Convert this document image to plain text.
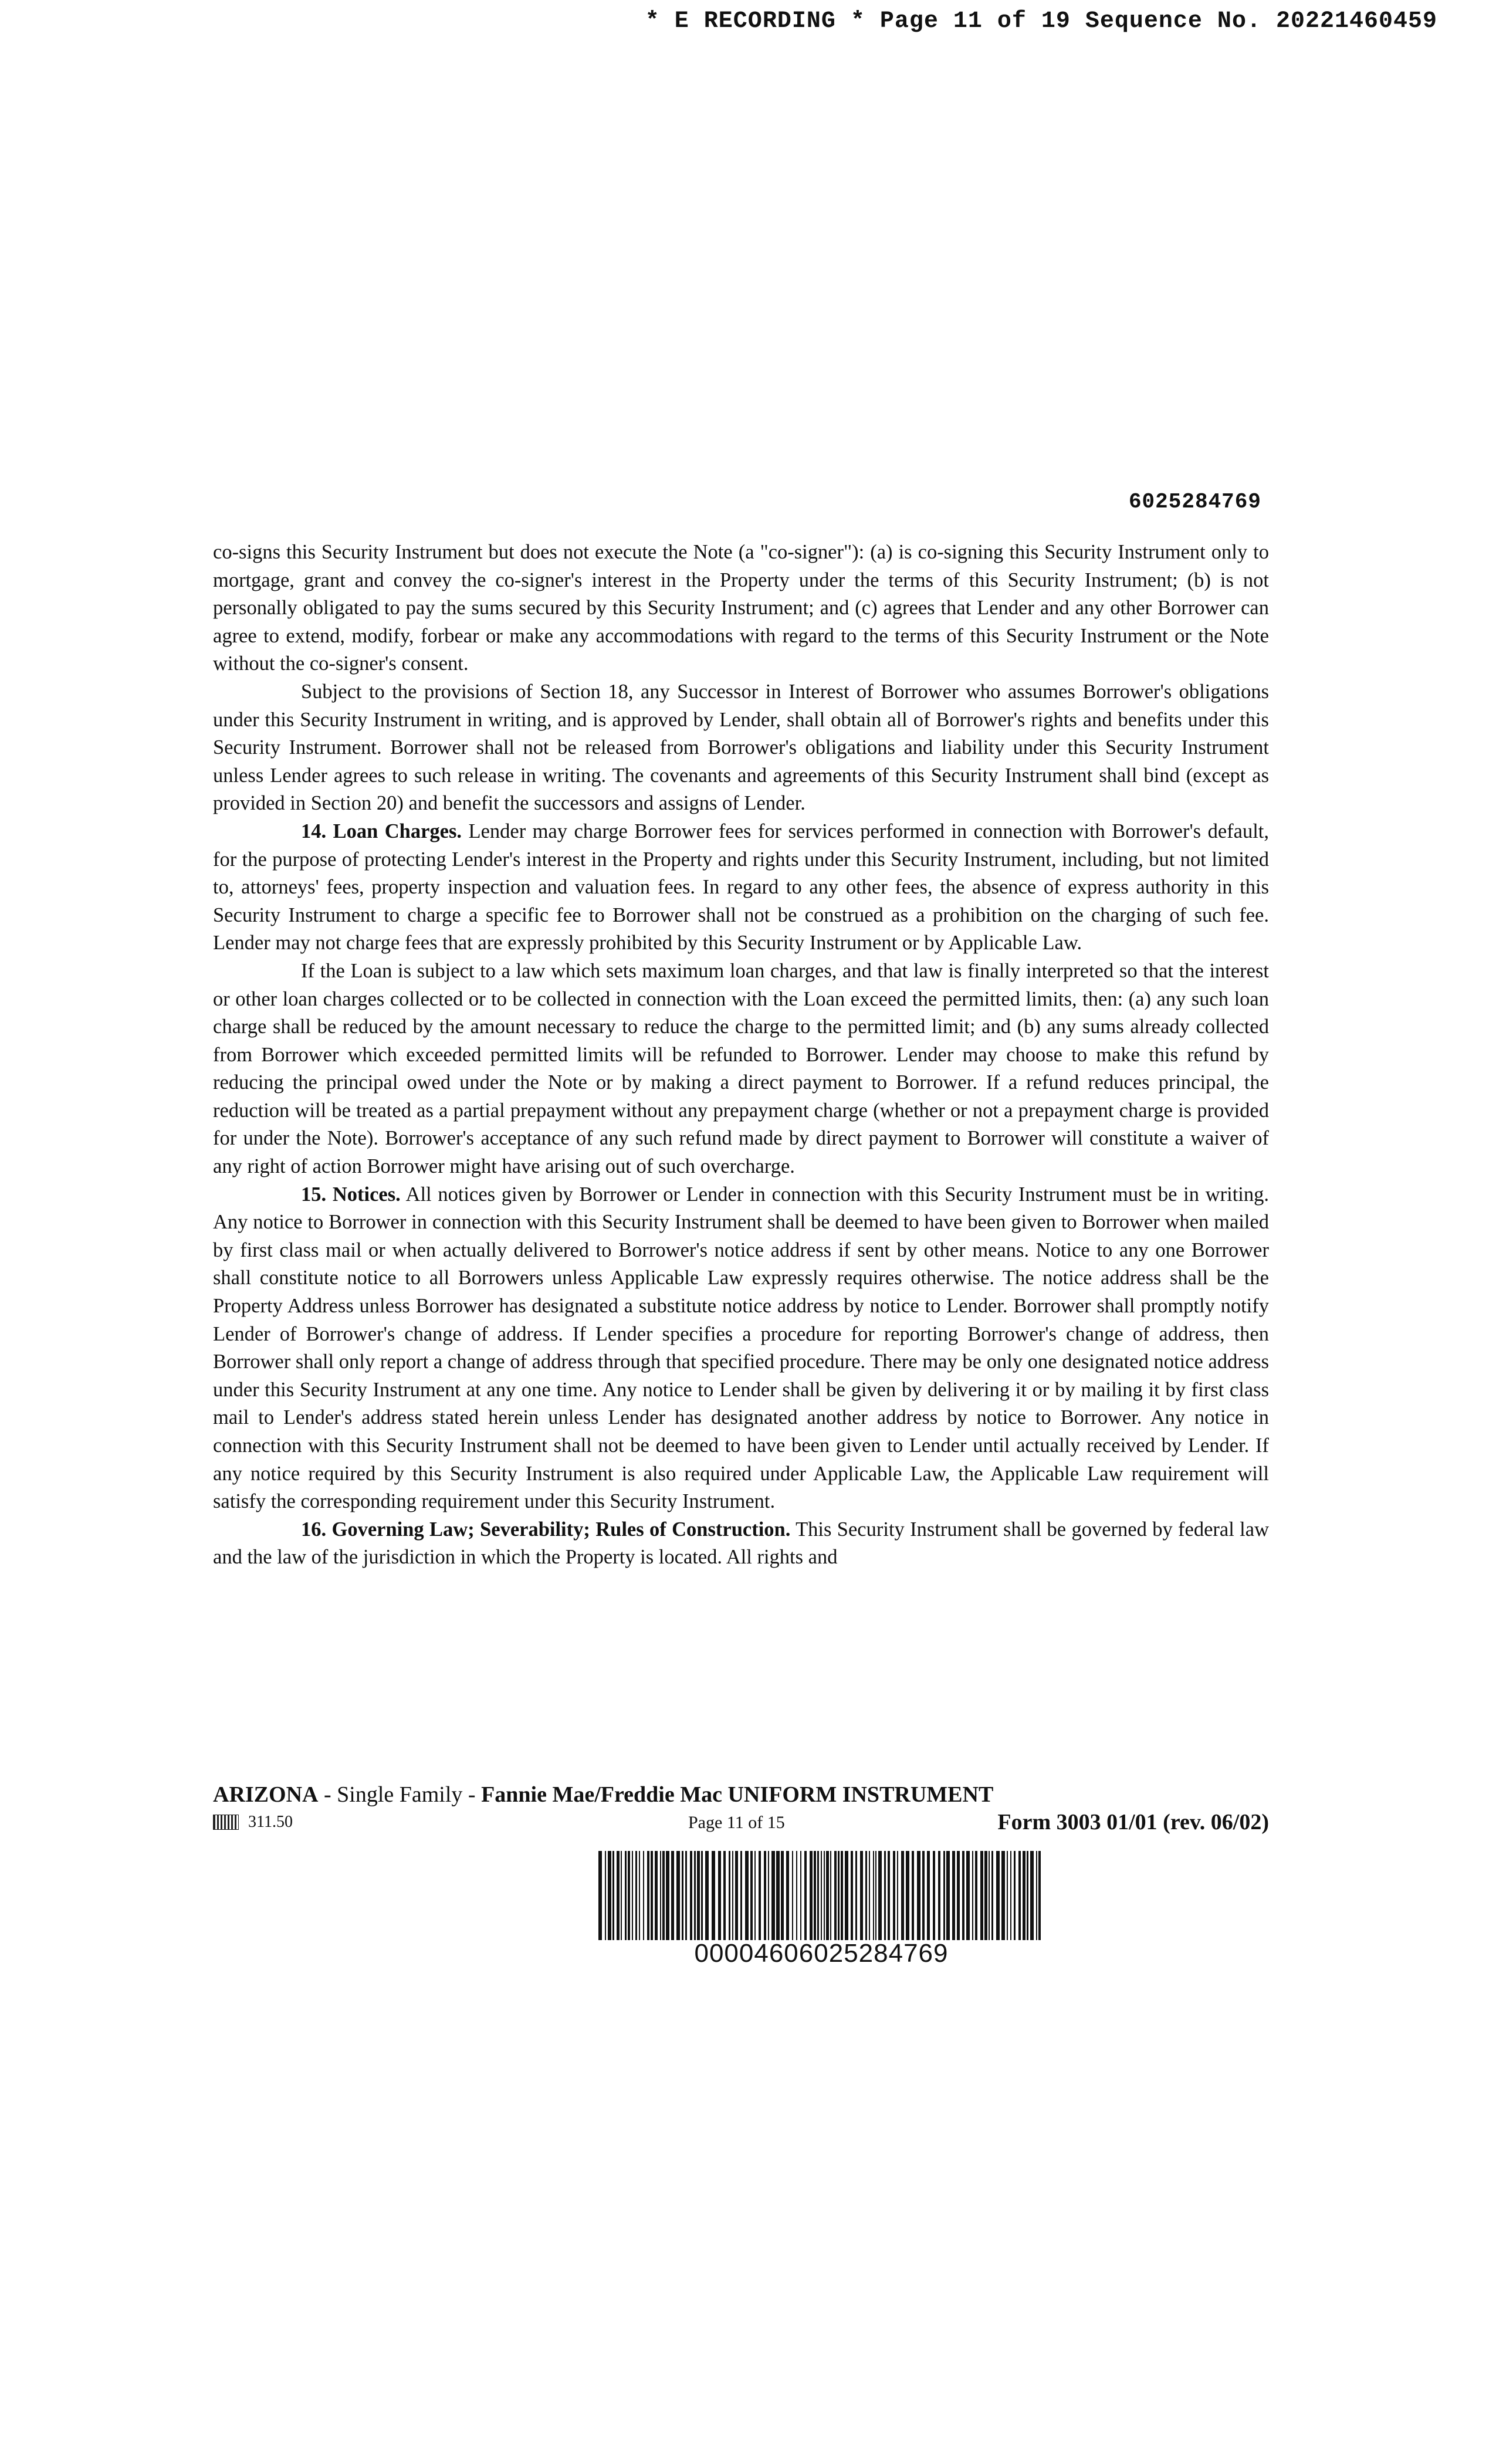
* E RECORDING * Page 11 of 19 Sequence No. 20221460459
6025284769

co-signs this Security Instrument but does not execute the Note (a "co-signer"): (a) is co-signing this Security Instrument only to mortgage, grant and convey the co-signer's interest in the Property under the terms of this Security Instrument; (b) is not personally obligated to pay the sums secured by this Security Instrument; and (c) agrees that Lender and any other Borrower can agree to extend, modify, forbear or make any accommodations with regard to the terms of this Security Instrument or the Note without the co-signer's consent.

Subject to the provisions of Section 18, any Successor in Interest of Borrower who assumes Borrower's obligations under this Security Instrument in writing, and is approved by Lender, shall obtain all of Borrower's rights and benefits under this Security Instrument. Borrower shall not be released from Borrower's obligations and liability under this Security Instrument unless Lender agrees to such release in writing. The covenants and agreements of this Security Instrument shall bind (except as provided in Section 20) and benefit the successors and assigns of Lender.

14. Loan Charges. Lender may charge Borrower fees for services performed in connection with Borrower's default, for the purpose of protecting Lender's interest in the Property and rights under this Security Instrument, including, but not limited to, attorneys' fees, property inspection and valuation fees. In regard to any other fees, the absence of express authority in this Security Instrument to charge a specific fee to Borrower shall not be construed as a prohibition on the charging of such fee. Lender may not charge fees that are expressly prohibited by this Security Instrument or by Applicable Law.

If the Loan is subject to a law which sets maximum loan charges, and that law is finally interpreted so that the interest or other loan charges collected or to be collected in connection with the Loan exceed the permitted limits, then: (a) any such loan charge shall be reduced by the amount necessary to reduce the charge to the permitted limit; and (b) any sums already collected from Borrower which exceeded permitted limits will be refunded to Borrower. Lender may choose to make this refund by reducing the principal owed under the Note or by making a direct payment to Borrower. If a refund reduces principal, the reduction will be treated as a partial prepayment without any prepayment charge (whether or not a prepayment charge is provided for under the Note). Borrower's acceptance of any such refund made by direct payment to Borrower will constitute a waiver of any right of action Borrower might have arising out of such overcharge.

15. Notices. All notices given by Borrower or Lender in connection with this Security Instrument must be in writing. Any notice to Borrower in connection with this Security Instrument shall be deemed to have been given to Borrower when mailed by first class mail or when actually delivered to Borrower's notice address if sent by other means. Notice to any one Borrower shall constitute notice to all Borrowers unless Applicable Law expressly requires otherwise. The notice address shall be the Property Address unless Borrower has designated a substitute notice address by notice to Lender. Borrower shall promptly notify Lender of Borrower's change of address. If Lender specifies a procedure for reporting Borrower's change of address, then Borrower shall only report a change of address through that specified procedure. There may be only one designated notice address under this Security Instrument at any one time. Any notice to Lender shall be given by delivering it or by mailing it by first class mail to Lender's address stated herein unless Lender has designated another address by notice to Borrower. Any notice in connection with this Security Instrument shall not be deemed to have been given to Lender until actually received by Lender. If any notice required by this Security Instrument is also required under Applicable Law, the Applicable Law requirement will satisfy the corresponding requirement under this Security Instrument.

16. Governing Law; Severability; Rules of Construction. This Security Instrument shall be governed by federal law and the law of the jurisdiction in which the Property is located. All rights and

ARIZONA - Single Family - Fannie Mae/Freddie Mac UNIFORM INSTRUMENT
311.50	Page 11 of 15	Form 3003 01/01 (rev. 06/02)
00004606025284769
